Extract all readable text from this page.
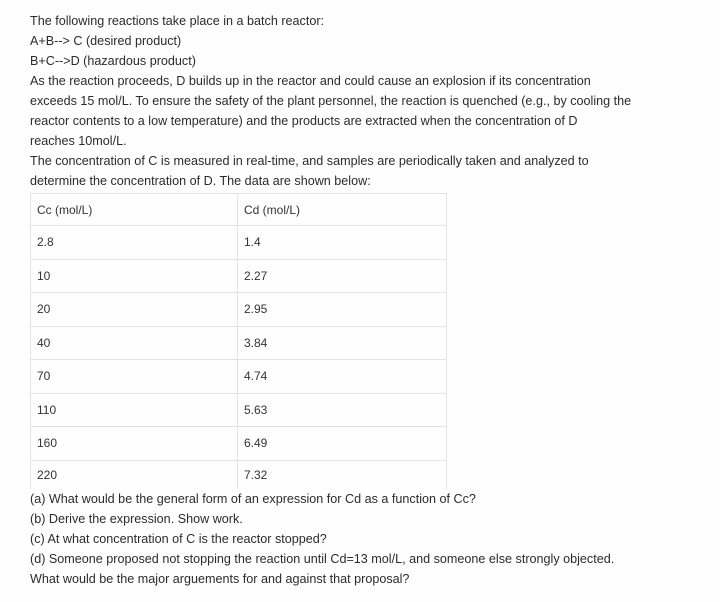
The following reactions take place in a batch reactor:
A+B--> C (desired product)
B+C-->D (hazardous product)
As the reaction proceeds, D builds up in the reactor and could cause an explosion if its concentration
exceeds 15 mol/L. To ensure the safety of the plant personnel, the reaction is quenched (e.g., by cooling the
reactor contents to a low temperature) and the products are extracted when the concentration of D
reaches 10mol/L.
The concentration of C is measured in real-time, and samples are periodically taken and analyzed to
determine the concentration of D. The data are shown below:
Cc (mol/L)	Cd (mol/L)
2.8	1.4
10	2.27
20	2.95
40	3.84
70	4.74
110	5.63
160	6.49
220	7.32
(a) What would be the general form of an expression for Cd as a function of Cc?
(b) Derive the expression. Show work.
(c) At what concentration of C is the reactor stopped?
(d) Someone proposed not stopping the reaction until Cd=13 mol/L, and someone else strongly objected.
What would be the major arguements for and against that proposal?
